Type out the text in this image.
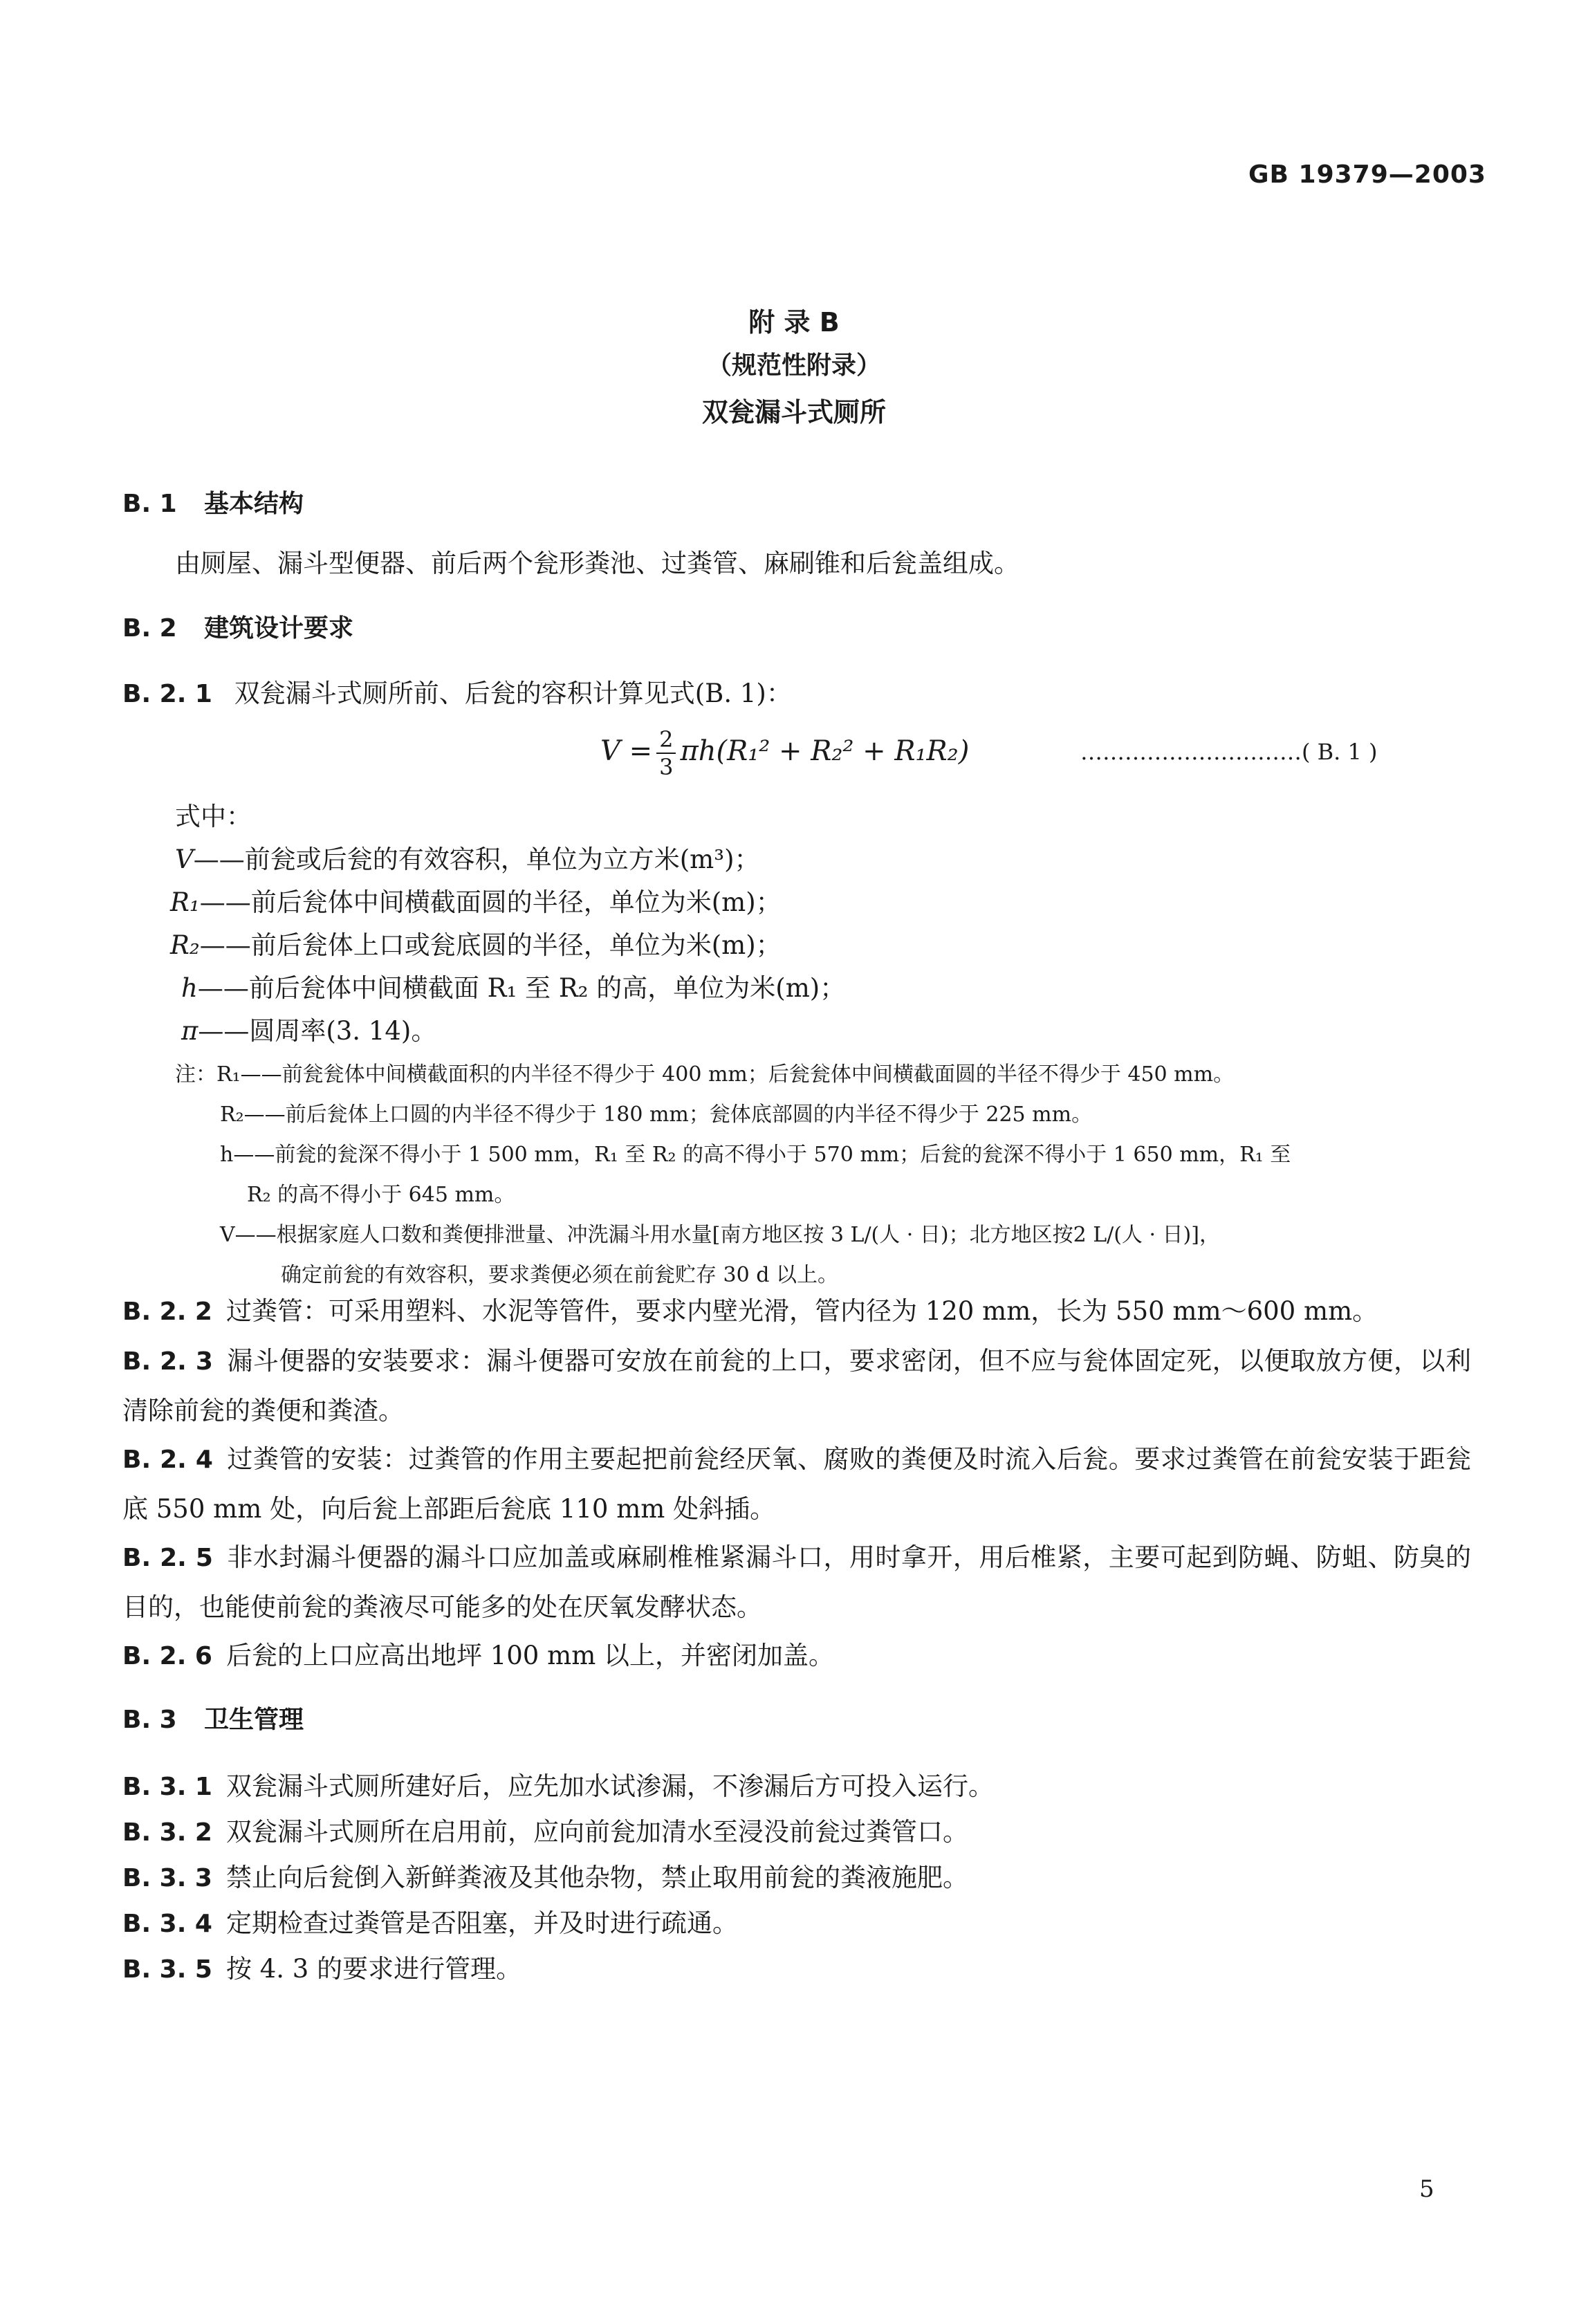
GB 19379—2003
附 录 B
（规范性附录）
双瓮漏斗式厕所
B. 1 基本结构
由厕屋、漏斗型便器、前后两个瓮形粪池、过粪管、麻刷锥和后瓮盖组成。
B. 2 建筑设计要求
B. 2. 1 双瓮漏斗式厕所前、后瓮的容积计算见式(B. 1)：
$V = \frac{2}{3} \pi h(R_1^2 + R_2^2 + R_1R_2)$	…………………………( B. 1 )
式中：
V——前瓮或后瓮的有效容积，单位为立方米(m³)；
R₁——前后瓮体中间横截面圆的半径，单位为米(m)；
R₂——前后瓮体上口或瓮底圆的半径，单位为米(m)；
h——前后瓮体中间横截面 R₁ 至 R₂ 的高，单位为米(m)；
π——圆周率(3. 14)。
注：R₁——前瓮瓮体中间横截面积的内半径不得少于 400 mm；后瓮瓮体中间横截面圆的半径不得少于 450 mm。
R₂——前后瓮体上口圆的内半径不得少于 180 mm；瓮体底部圆的内半径不得少于 225 mm。
h——前瓮的瓮深不得小于 1 500 mm，R₁ 至 R₂ 的高不得小于 570 mm；后瓮的瓮深不得小于 1 650 mm，R₁ 至
R₂ 的高不得小于 645 mm。
V——根据家庭人口数和粪便排泄量、冲洗漏斗用水量[南方地区按 3 L/(人 · 日)；北方地区按2 L/(人 · 日)]，
确定前瓮的有效容积，要求粪便必须在前瓮贮存 30 d 以上。
B. 2. 2 过粪管：可采用塑料、水泥等管件，要求内壁光滑，管内径为 120 mm，长为 550 mm～600 mm。
B. 2. 3 漏斗便器的安装要求：漏斗便器可安放在前瓮的上口，要求密闭，但不应与瓮体固定死，以便取放方便，以利清除前瓮的粪便和粪渣。
B. 2. 4 过粪管的安装：过粪管的作用主要起把前瓮经厌氧、腐败的粪便及时流入后瓮。要求过粪管在前瓮安装于距瓮底 550 mm 处，向后瓮上部距后瓮底 110 mm 处斜插。
B. 2. 5 非水封漏斗便器的漏斗口应加盖或麻刷椎椎紧漏斗口，用时拿开，用后椎紧，主要可起到防蝇、防蛆、防臭的目的，也能使前瓮的粪液尽可能多的处在厌氧发酵状态。
B. 2. 6 后瓮的上口应高出地坪 100 mm 以上，并密闭加盖。
B. 3 卫生管理
B. 3. 1 双瓮漏斗式厕所建好后，应先加水试渗漏，不渗漏后方可投入运行。
B. 3. 2 双瓮漏斗式厕所在启用前，应向前瓮加清水至浸没前瓮过粪管口。
B. 3. 3 禁止向后瓮倒入新鲜粪液及其他杂物，禁止取用前瓮的粪液施肥。
B. 3. 4 定期检查过粪管是否阻塞，并及时进行疏通。
B. 3. 5 按 4. 3 的要求进行管理。
5
